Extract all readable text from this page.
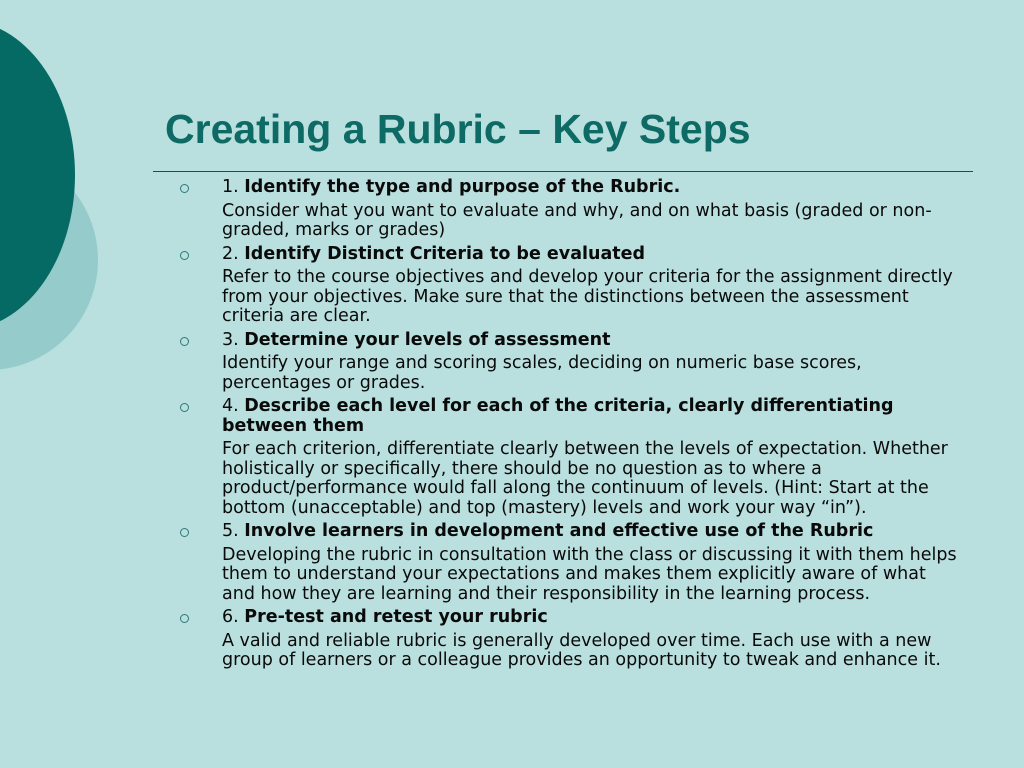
Creating a Rubric – Key Steps
1. Identify the type and purpose of the Rubric.
Consider what you want to evaluate and why, and on what basis (graded or non-graded, marks or grades)
2. Identify Distinct Criteria to be evaluated
Refer to the course objectives and develop your criteria for the assignment directly from your objectives. Make sure that the distinctions between the assessment criteria are clear.
3. Determine your levels of assessment
Identify your range and scoring scales, deciding on numeric base scores, percentages or grades.
4. Describe each level for each of the criteria, clearly differentiating between them
For each criterion, differentiate clearly between the levels of expectation. Whether holistically or specifically, there should be no question as to where a product/performance would fall along the continuum of levels. (Hint: Start at the bottom (unacceptable) and top (mastery) levels and work your way “in”).
5. Involve learners in development and effective use of the Rubric
Developing the rubric in consultation with the class or discussing it with them helps them to understand your expectations and makes them explicitly aware of what and how they are learning and their responsibility in the learning process.
6. Pre-test and retest your rubric
A valid and reliable rubric is generally developed over time. Each use with a new group of learners or a colleague provides an opportunity to tweak and enhance it.
